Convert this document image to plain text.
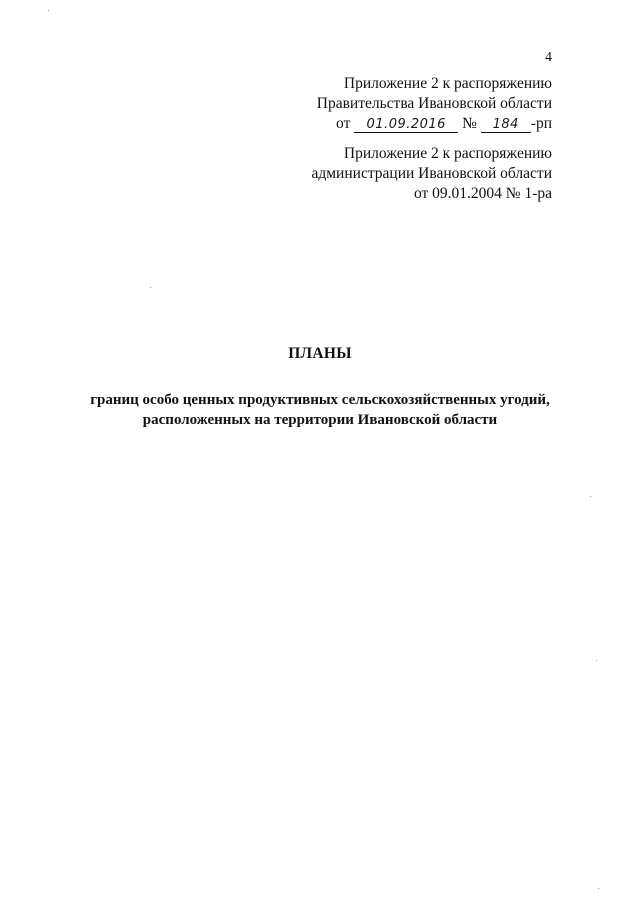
4
Приложение 2 к распоряжению
Правительства Ивановской области
от 01.09.2016 № 184 -рп
Приложение 2 к распоряжению
администрации Ивановской области
от 09.01.2004 № 1-ра
ПЛАНЫ
границ особо ценных продуктивных сельскохозяйственных угодий,
расположенных на территории Ивановской области
